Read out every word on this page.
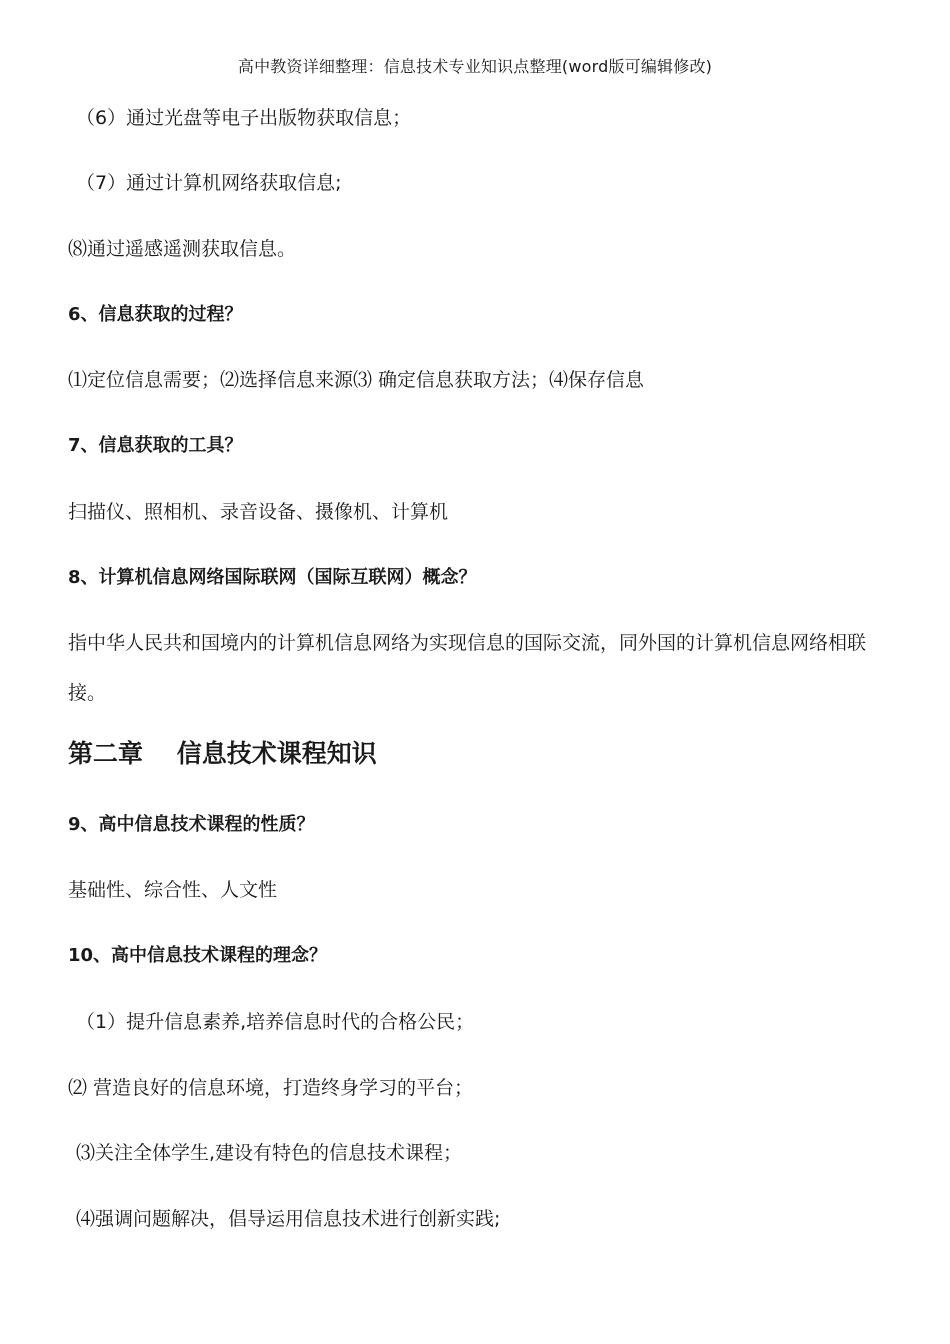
高中教资详细整理：信息技术专业知识点整理(word版可编辑修改)
（6）通过光盘等电子出版物获取信息；
（7）通过计算机网络获取信息;
⑻通过遥感遥测获取信息。
6、信息获取的过程？
⑴定位信息需要；⑵选择信息来源⑶ 确定信息获取方法；⑷保存信息
7、信息获取的工具？
扫描仪、照相机、录音设备、摄像机、计算机
8、计算机信息网络国际联网（国际互联网）概念？
指中华人民共和国境内的计算机信息网络为实现信息的国际交流，同外国的计算机信息网络相联接。
第二章　 信息技术课程知识
9、高中信息技术课程的性质？
基础性、综合性、人文性
10、高中信息技术课程的理念？
（1）提升信息素养,培养信息时代的合格公民；
⑵ 营造良好的信息环境，打造终身学习的平台；
⑶关注全体学生,建设有特色的信息技术课程；
⑷强调问题解决，倡导运用信息技术进行创新实践;
